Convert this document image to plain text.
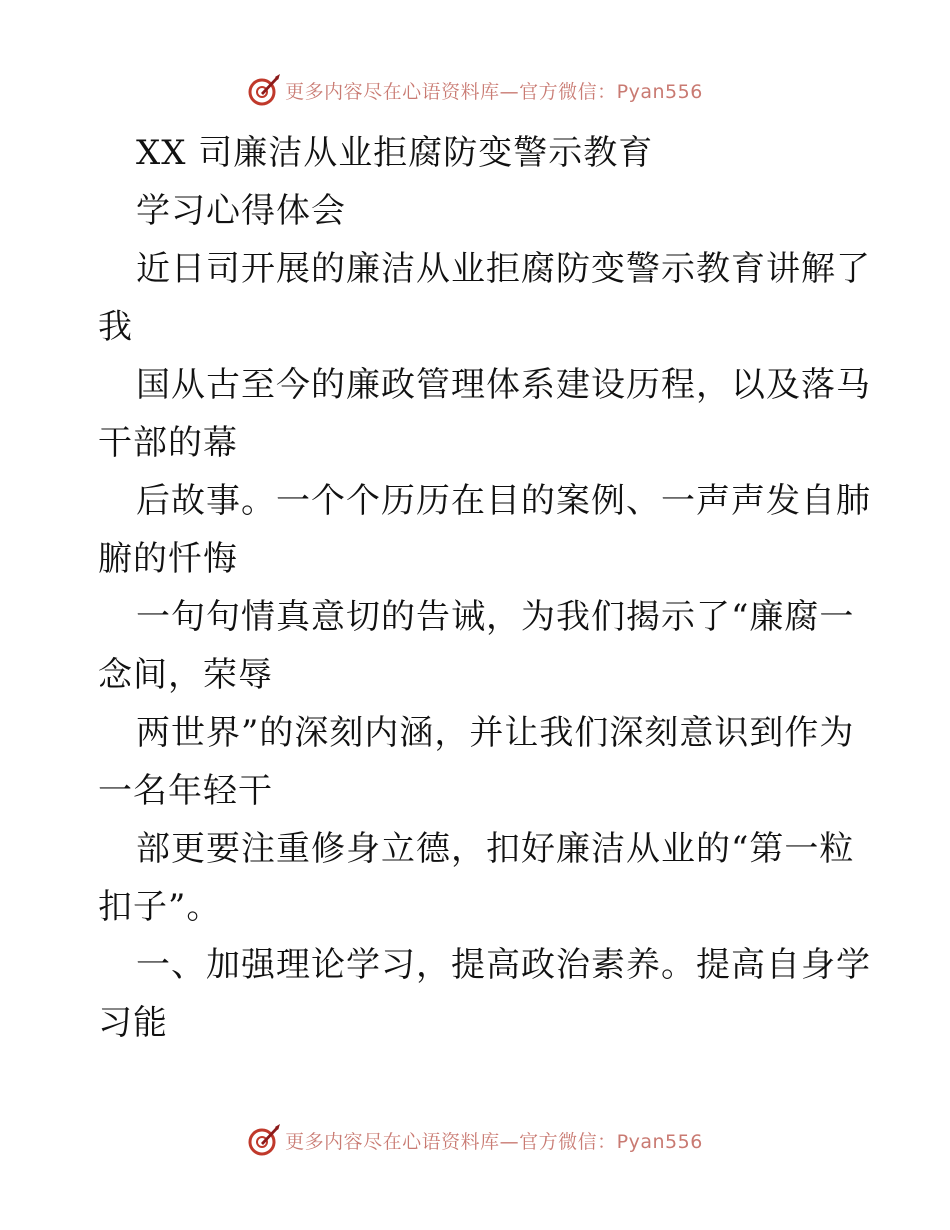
更多内容尽在心语资料库—官方微信：Pyan556
XX 司廉洁从业拒腐防变警示教育
学习心得体会
近日司开展的廉洁从业拒腐防变警示教育讲解了
我
国从古至今的廉政管理体系建设历程，以及落马
干部的幕
后故事。一个个历历在目的案例、一声声发自肺
腑的忏悔
一句句情真意切的告诫，为我们揭示了“廉腐一
念间，荣辱
两世界”的深刻内涵，并让我们深刻意识到作为
一名年轻干
部更要注重修身立德，扣好廉洁从业的“第一粒
扣子”。
一、加强理论学习，提高政治素养。提高自身学
习能
更多内容尽在心语资料库—官方微信：Pyan556
